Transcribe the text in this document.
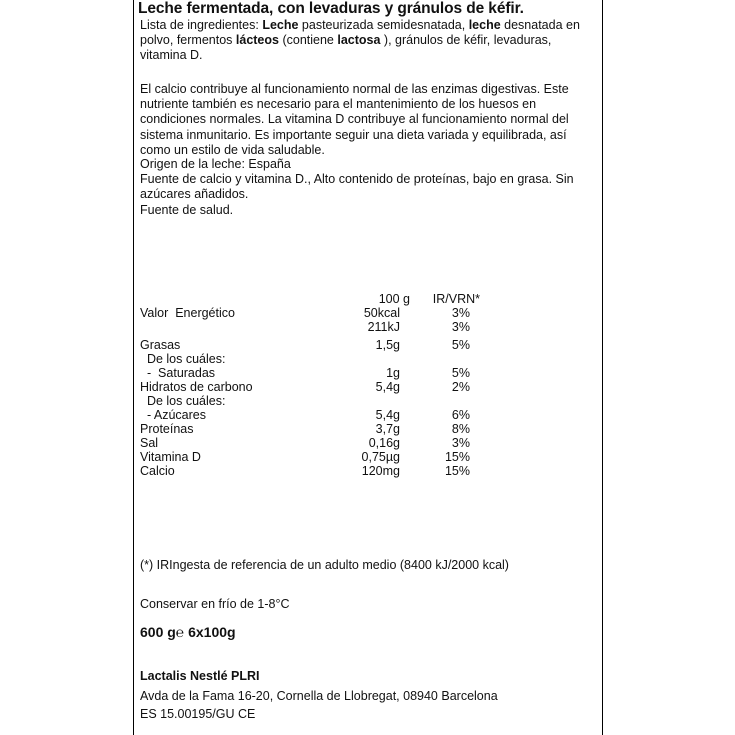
Leche fermentada, con levaduras y gránulos de kéfir.
Lista de ingredientes: Leche pasteurizada semidesnatada, leche desnatada en polvo, fermentos lácteos (contiene lactosa ), gránulos de kéfir, levaduras, vitamina D.
El calcio contribuye al funcionamiento normal de las enzimas digestivas. Este nutriente también es necesario para el mantenimiento de los huesos en condiciones normales. La vitamina D contribuye al funcionamiento normal del sistema inmunitario. Es importante seguir una dieta variada y equilibrada, así como un estilo de vida saludable.
Origen de la leche: España
Fuente de calcio y vitamina D., Alto contenido de proteínas, bajo en grasa. Sin azúcares añadidos.
Fuente de salud.
100 g IR/VRN*
Valor  Energético	50kcal	3%
211kJ	3%
Grasas	1,5g	5%
De los cuáles:
-  Saturadas	1g	5%
Hidratos de carbono	5,4g	2%
De los cuáles:
- Azúcares	5,4g	6%
Proteínas	3,7g	8%
Sal	0,16g	3%
Vitamina D	0,75µg	15%
Calcio	120mg	15%
(*) IRIngesta de referencia de un adulto medio (8400 kJ/2000 kcal)
Conservar en frío de 1-8°C
600 g℮ 6x100g
Lactalis Nestlé PLRI
Avda de la Fama 16-20, Cornella de Llobregat, 08940 Barcelona
ES 15.00195/GU CE
